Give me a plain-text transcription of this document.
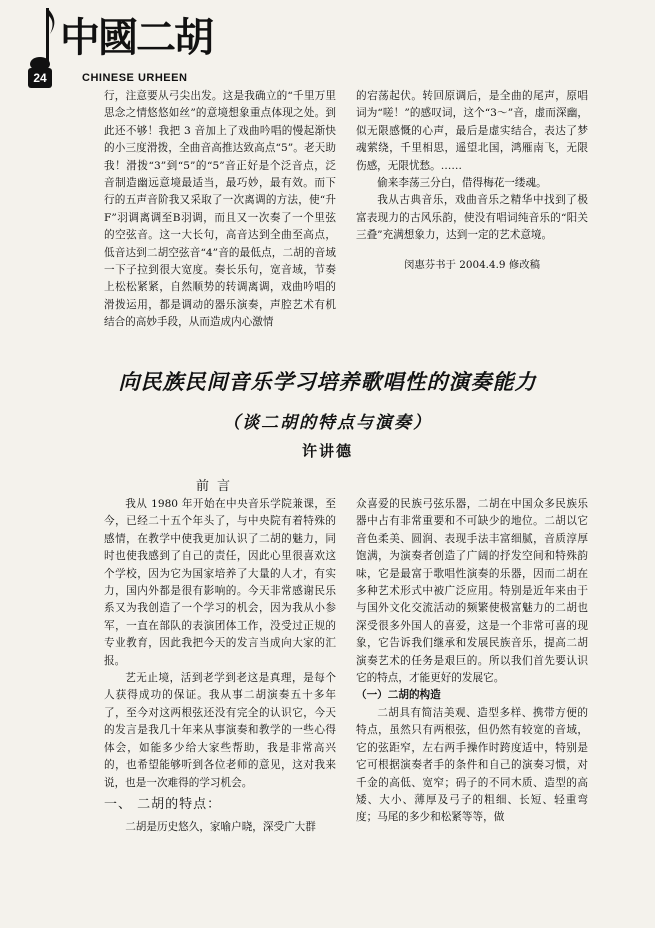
中國二胡
24	CHINESE URHEEN

行，注意要从弓尖出发。这是我确立的“千里万里思念之情悠悠如丝”的意境想象重点体现之处。到此还不够！我把 3 音加上了戏曲吟唱的慢起渐快的小三度滑拨，全曲音高推达致高点“5”。老天助我！滑拨“3”到“5”的“5”音正好是个泛音点，泛音制造幽远意境最适当，最巧妙，最有效。而下行的五声音阶我又采取了一次离调的方法，使“升F”羽调离调至B羽调，而且又一次奏了一个里弦的空弦音。这一大长句，高音达到全曲至高点，低音达到二胡空弦音“4”音的最低点，二胡的音域一下子拉到很大宽度。奏长乐句，宽音域，节奏上松松紧紧，自然顺势的转调离调，戏曲吟唱的滑拨运用，都是调动的器乐演奏，声腔艺术有机结合的高妙手段，从而造成内心激情

的宕荡起伏。转回原调后，是全曲的尾声，原唱词为“嗟！”的感叹词，这个“3～”音，虚而深幽，似无限感慨的心声，最后是虚实结合，表达了梦魂萦绕，千里相思，遥望北国，鸿雁南飞，无限伤感，无限忧愁。……

偷来李荡三分白，借得梅花一缕魂。

我从古典音乐，戏曲音乐之精华中找到了极富表现力的古风乐韵，使没有唱词纯音乐的“阳关三叠”充满想象力，达到一定的艺术意境。

闵惠芬书于 2004.4.9 修改稿

向民族民间音乐学习培养歌唱性的演奏能力
（谈二胡的特点与演奏）
许讲德
前言

我从 1980 年开始在中央音乐学院兼课，至今，已经二十五个年头了，与中央院有着特殊的感情，在教学中使我更加认识了二胡的魅力，同时也使我感到了自己的责任，因此心里很喜欢这个学校，因为它为国家培养了大量的人才，有实力，国内外都是很有影响的。今天非常感谢民乐系又为我创造了一个学习的机会，因为我从小参军，一直在部队的表演团体工作，没受过正规的专业教育，因此我把今天的发言当成向大家的汇报。

艺无止境，活到老学到老这是真理，是每个人获得成功的保证。我从事二胡演奏五十多年了，至今对这两根弦还没有完全的认识它，今天的发言是我几十年来从事演奏和教学的一些心得体会，如能多少给大家些帮助，我是非常高兴的，也希望能够听到各位老师的意见，这对我来说，也是一次难得的学习机会。

一、 二胡的特点：

二胡是历史悠久，家喻户晓，深受广大群

众喜爱的民族弓弦乐器，二胡在中国众多民族乐器中占有非常重要和不可缺少的地位。二胡以它音色柔美、圆润、表现手法丰富细腻，音质淳厚饱满，为演奏者创造了广阔的抒发空间和特殊韵味，它是最富于歌唱性演奏的乐器，因而二胡在多种艺术形式中被广泛应用。特别是近年来由于与国外文化交流活动的频繁使极富魅力的二胡也深受很多外国人的喜爱，这是一个非常可喜的现象，它告诉我们继承和发展民族音乐，提高二胡演奏艺术的任务是艰巨的。所以我们首先要认识它的特点，才能更好的发展它。

（一）二胡的构造

二胡具有简洁美观、造型多样、携带方便的特点，虽然只有两根弦，但仍然有较宽的音域，它的弦距窄，左右两手操作时跨度适中，特别是它可根据演奏者手的条件和自己的演奏习惯，对千金的高低、宽窄；码子的不同木质、造型的高矮、大小、薄厚及弓子的粗细、长短、轻重弯度；马尾的多少和松紧等等，做
